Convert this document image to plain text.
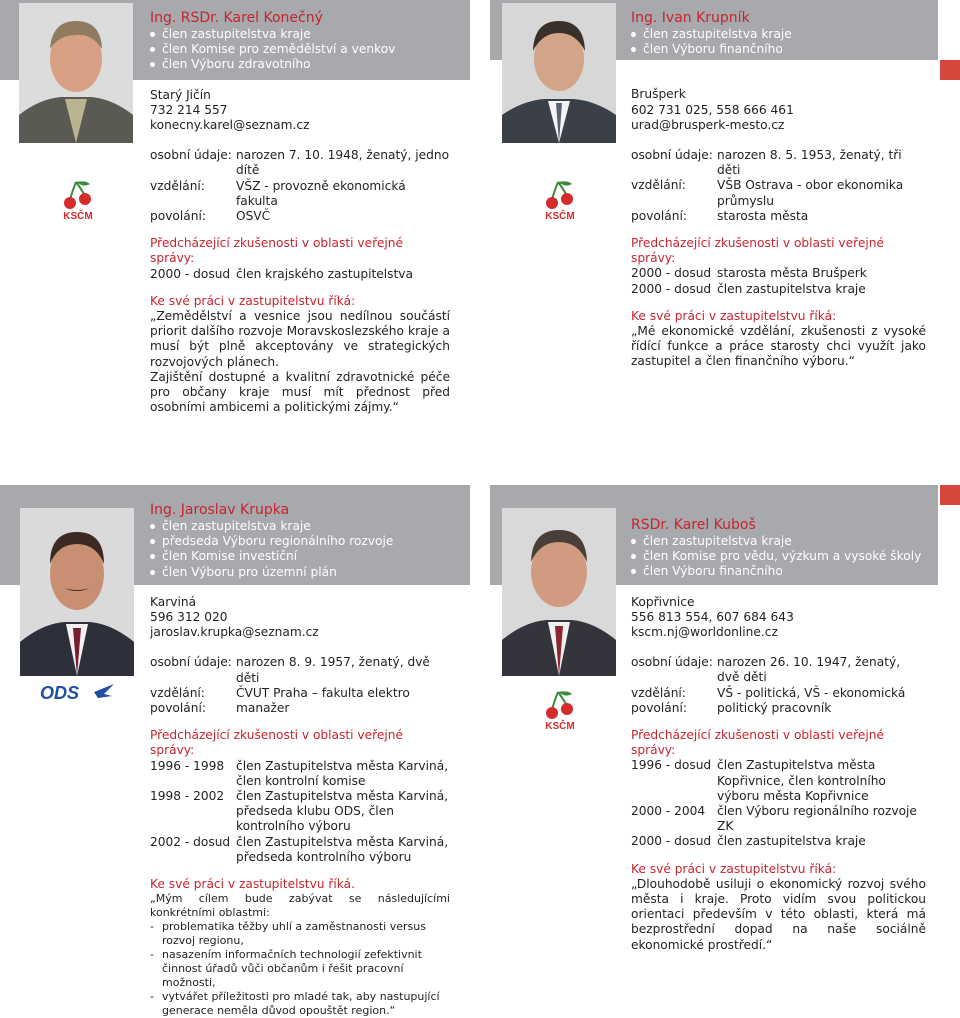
KSČM
Ing. RSDr. Karel Konečný
člen zastupitelstva kraje
člen Komise pro zemědělství a venkov
člen Výboru zdravotního

Starý Jičín

732 214 557

konecny.karel@seznam.cz

osobní údaje: narozen 7. 10. 1948, ženatý, jedno dítě
vzdělání:	VŠZ - provozně ekonomická fakulta
povolání:	OSVČ
Předcházející zkušenosti v oblasti veřejné správy:
2000 - dosud člen krajského zastupitelstva
Ke své práci v zastupitelstvu říká:

„Zemědělství a vesnice jsou nedílnou součástí priorit dalšího rozvoje Moravskoslezského kraje a musí být plně akceptovány ve strategických rozvojových plánech.

Zajištění dostupné a kvalitní zdravotnické péče pro občany kraje musí mít přednost před osobními ambicemi a politickými zájmy.“

KSČM
Ing. Ivan Krupník
člen zastupitelstva kraje
člen Výboru finančního

Brušperk

602 731 025, 558 666 461

urad@brusperk-mesto.cz

osobní údaje: narozen 8. 5. 1953, ženatý, tři děti
vzdělání:	VŠB Ostrava - obor ekonomika průmyslu
povolání:	starosta města
Předcházející zkušenosti v oblasti veřejné správy:
2000 - dosud starosta města Brušperk
2000 - dosud člen zastupitelstva kraje
Ke své práci v zastupitelstvu říká:

„Mé ekonomické vzdělání, zkušenosti z vysoké řídící funkce a práce starosty chci využít jako zastupitel a člen finančního výboru.“

ODS
Ing. Jaroslav Krupka
člen zastupitelstva kraje
předseda Výboru regionálního rozvoje
člen Komise investiční
člen Výboru pro územní plán

Karviná

596 312 020

jaroslav.krupka@seznam.cz

osobní údaje: narozen 8. 9. 1957, ženatý, dvě děti
vzdělání:	ČVUT Praha – fakulta elektro
povolání:	manažer
Předcházející zkušenosti v oblasti veřejné správy:
1996 - 1998 člen Zastupitelstva města Karviná, člen kontrolní komise
1998 - 2002 člen Zastupitelstva města Karviná, předseda klubu ODS, člen kontrolního výboru
2002 - dosud člen Zastupitelstva města Karviná, předseda kontrolního výboru
Ke své práci v zastupitelstvu říká.

„Mým cílem bude zabývat se následujícími konkrétními oblastmi:

- problematika těžby uhlí a zaměstnanosti versus rozvoj regionu,
- nasazením informačních technologií zefektivnit činnost úřadů vůči občanům i řešit pracovní možnosti,
- vytvářet příležitosti pro mladé tak, aby nastupující generace neměla důvod opouštět region.“
KSČM
RSDr. Karel Kuboš
člen zastupitelstva kraje
člen Komise pro vědu, výzkum a vysoké školy
člen Výboru finančního

Kopřivnice

556 813 554, 607 684 643

kscm.nj@worldonline.cz

osobní údaje: narozen 26. 10. 1947, ženatý, dvě děti
vzdělání:	VŠ - politická, VŠ - ekonomická
povolání:	politický pracovník
Předcházející zkušenosti v oblasti veřejné správy:
1996 - dosud člen Zastupitelstva města Kopřivnice, člen kontrolního výboru města Kopřivnice
2000 - 2004 člen Výboru regionálního rozvoje ZK
2000 - dosud člen zastupitelstva kraje
Ke své práci v zastupitelstvu říká:

„Dlouhodobě usiluji o ekonomický rozvoj svého města i kraje. Proto vidím svou politickou orientaci především v této oblasti, která má bezprostřední dopad na naše sociálně ekonomické prostředí.“
